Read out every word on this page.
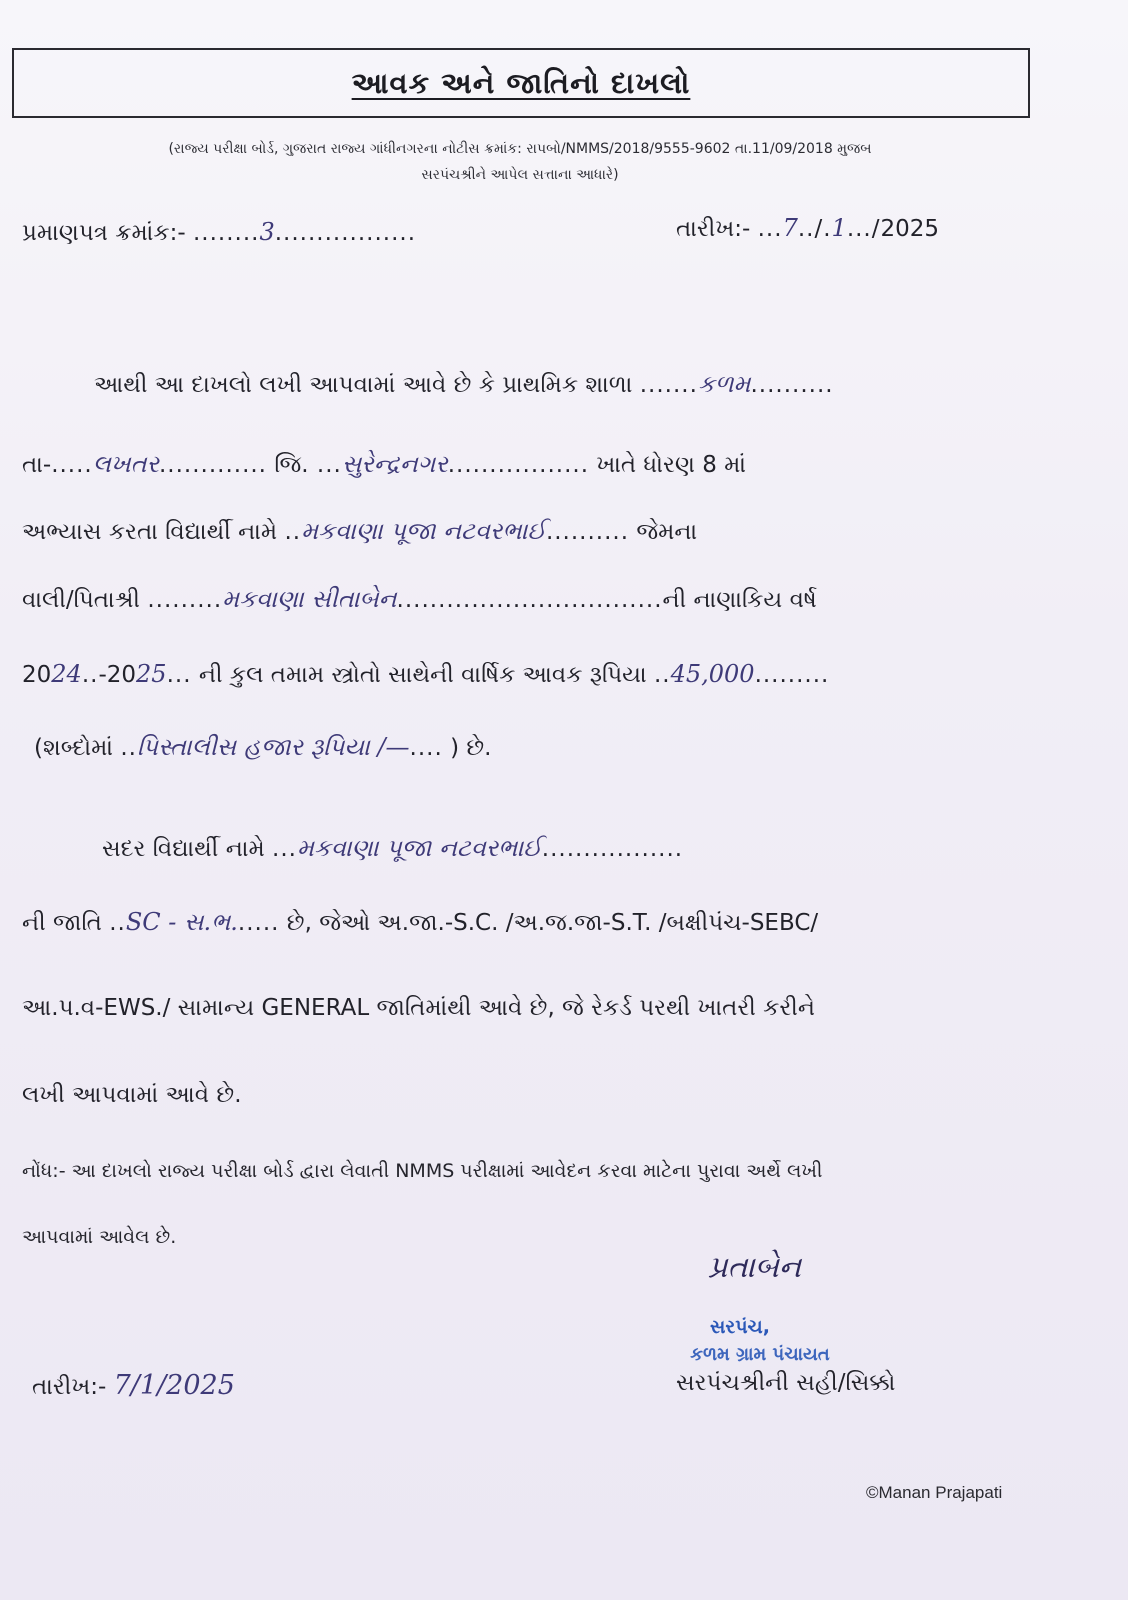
આવક અને જાતિનો દાખલો
(રાજ્ય પરીક્ષા બોર્ડ, ગુજરાત રાજ્ય ગાંધીનગરના નોટીસ ક્રમાંક: રાપબો/NMMS/2018/9555-9602 તા.11/09/2018 મુજબ
સરપંચશ્રીને આપેલ સત્તાના આધારે)
પ્રમાણપત્ર ક્રમાંક:- ........3.................	તારીખ:- ...7../.1.../2025
આથી આ દાખલો લખી આપવામાં આવે છે કે પ્રાથમિક શાળા .......કળમ..........
તા-.....લખતર............. જિ. ...સુરેન્દ્રનગર................. ખાતે ધોરણ 8 માં
અભ્યાસ કરતા વિદ્યાર્થી નામે ..મકવાણા પૂજા નટવરભાઈ.......... જેમના
વાલી/પિતાશ્રી .........મકવાણા સીતાબેન................................ની નાણાકિય વર્ષ
2024..-2025... ની કુલ તમામ સ્ત્રોતો સાથેની વાર્ષિક આવક રૂપિયા ..45,000.........
(શબ્દોમાં ..પિસ્તાલીસ હજાર રૂપિયા /—.... ) છે.
સદર વિદ્યાર્થી નામે ...મકવાણા પૂજા નટવરભાઈ.................
ની જાતિ ..SC - સ.ભ...... છે, જેઓ અ.જા.-S.C. /અ.જ.જા-S.T. /બક્ષીપંચ-SEBC/
આ.પ.વ-EWS./ સામાન્ય GENERAL જાતિમાંથી આવે છે, જે રેકર્ડ પરથી ખાતરી કરીને
લખી આપવામાં આવે છે.
નોંધ:- આ દાખલો રાજ્ય પરીક્ષા બોર્ડ દ્વારા લેવાતી NMMS પરીક્ષામાં આવેદન કરવા માટેના પુરાવા અર્થે લખી
આપવામાં આવેલ છે.
પ્રતાબેન
સરપંચ,
કળમ ગ્રામ પંચાયત
સરપંચશ્રીની સહી/સિક્કો
તારીખ:- 7/1/2025
©Manan Prajapati
